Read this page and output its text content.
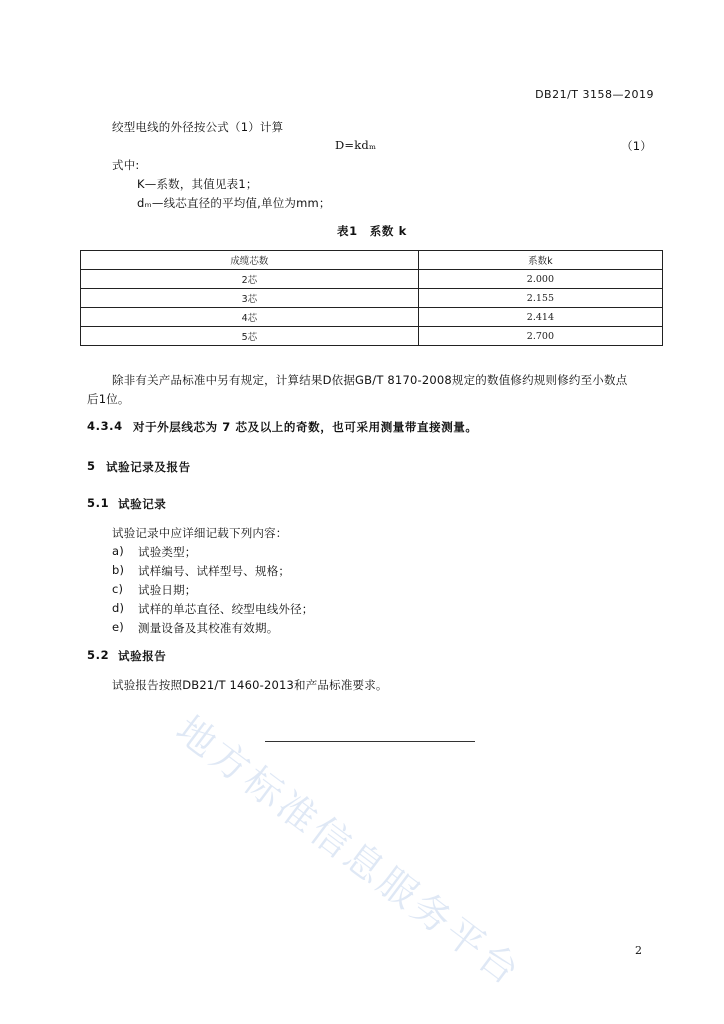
DB21/T 3158—2019
绞型电线的外径按公式（1）计算
D=kdₘ	（1）
式中:
K—系数，其值见表1；
dₘ—线芯直径的平均值,单位为mm；
表1　系数 k
成缆芯数	系数k
2芯	2.000
3芯	2.155
4芯	2.414
5芯	2.700
除非有关产品标准中另有规定，计算结果D依据GB/T 8170-2008规定的数值修约规则修约至小数点
后1位。
4.3.4 对于外层线芯为 7 芯及以上的奇数，也可采用测量带直接测量。
5 试验记录及报告
5.1 试验记录
试验记录中应详细记载下列内容：
a) 试验类型；
b) 试样编号、试样型号、规格；
c) 试验日期；
d) 试样的单芯直径、绞型电线外径；
e) 测量设备及其校准有效期。
5.2 试验报告
试验报告按照DB21/T 1460-2013和产品标准要求。
地方标准信息服务平台	2
